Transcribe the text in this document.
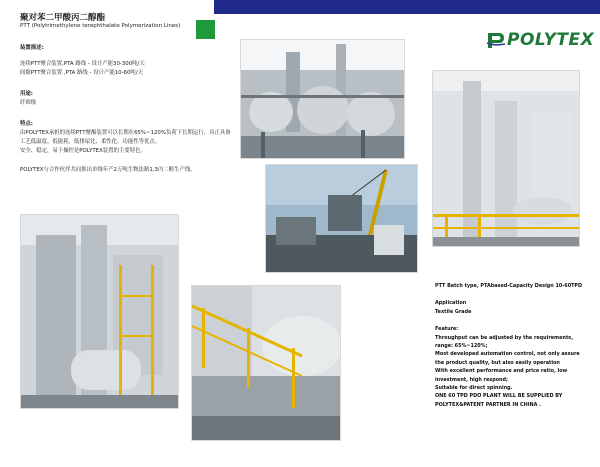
POLYTEX
聚对苯二甲酸丙二醇酯
PTT (Polytrimethylene terephthalate Polymerization Lines)
装置描述:
连续PTT聚合装置,PTA 路线 - 设计产能30-300吨/天
间歇PTT聚合装置 ,PTA 路线 - 设计产能10-60吨/天
用途:
纤维级
特点:
由POLYTEX承担的连续PTT聚酯装置可以长期在65%~120%负荷下长期运行，具正具备
工艺低温度、低能耗、低排尿比、柔性化、功能性等优点。
安全、稳定，易于操控是POLYTEX装置的主要特色。
POLYTEX与合作伙伴共同推出单线年产2万吨生物法制1,3丙二醇生产线。
PTT Batch type, PTAbased-Capacity Design 10-60TPD
Application
Textile Grade
Feature:
Throughput can be adjusted by the requirements,
range: 65%~120%;
Most developed automation control, not only assure
the product quality, but also easily operation
With excellent performance and price ratio, low
investment, high respond;
Suitable for direct spinning.
ONE 60 TPD PDO PLANT WILL BE SUPPLIED BY
POLYTEX&PATENT PARTNER IN CHINA .
